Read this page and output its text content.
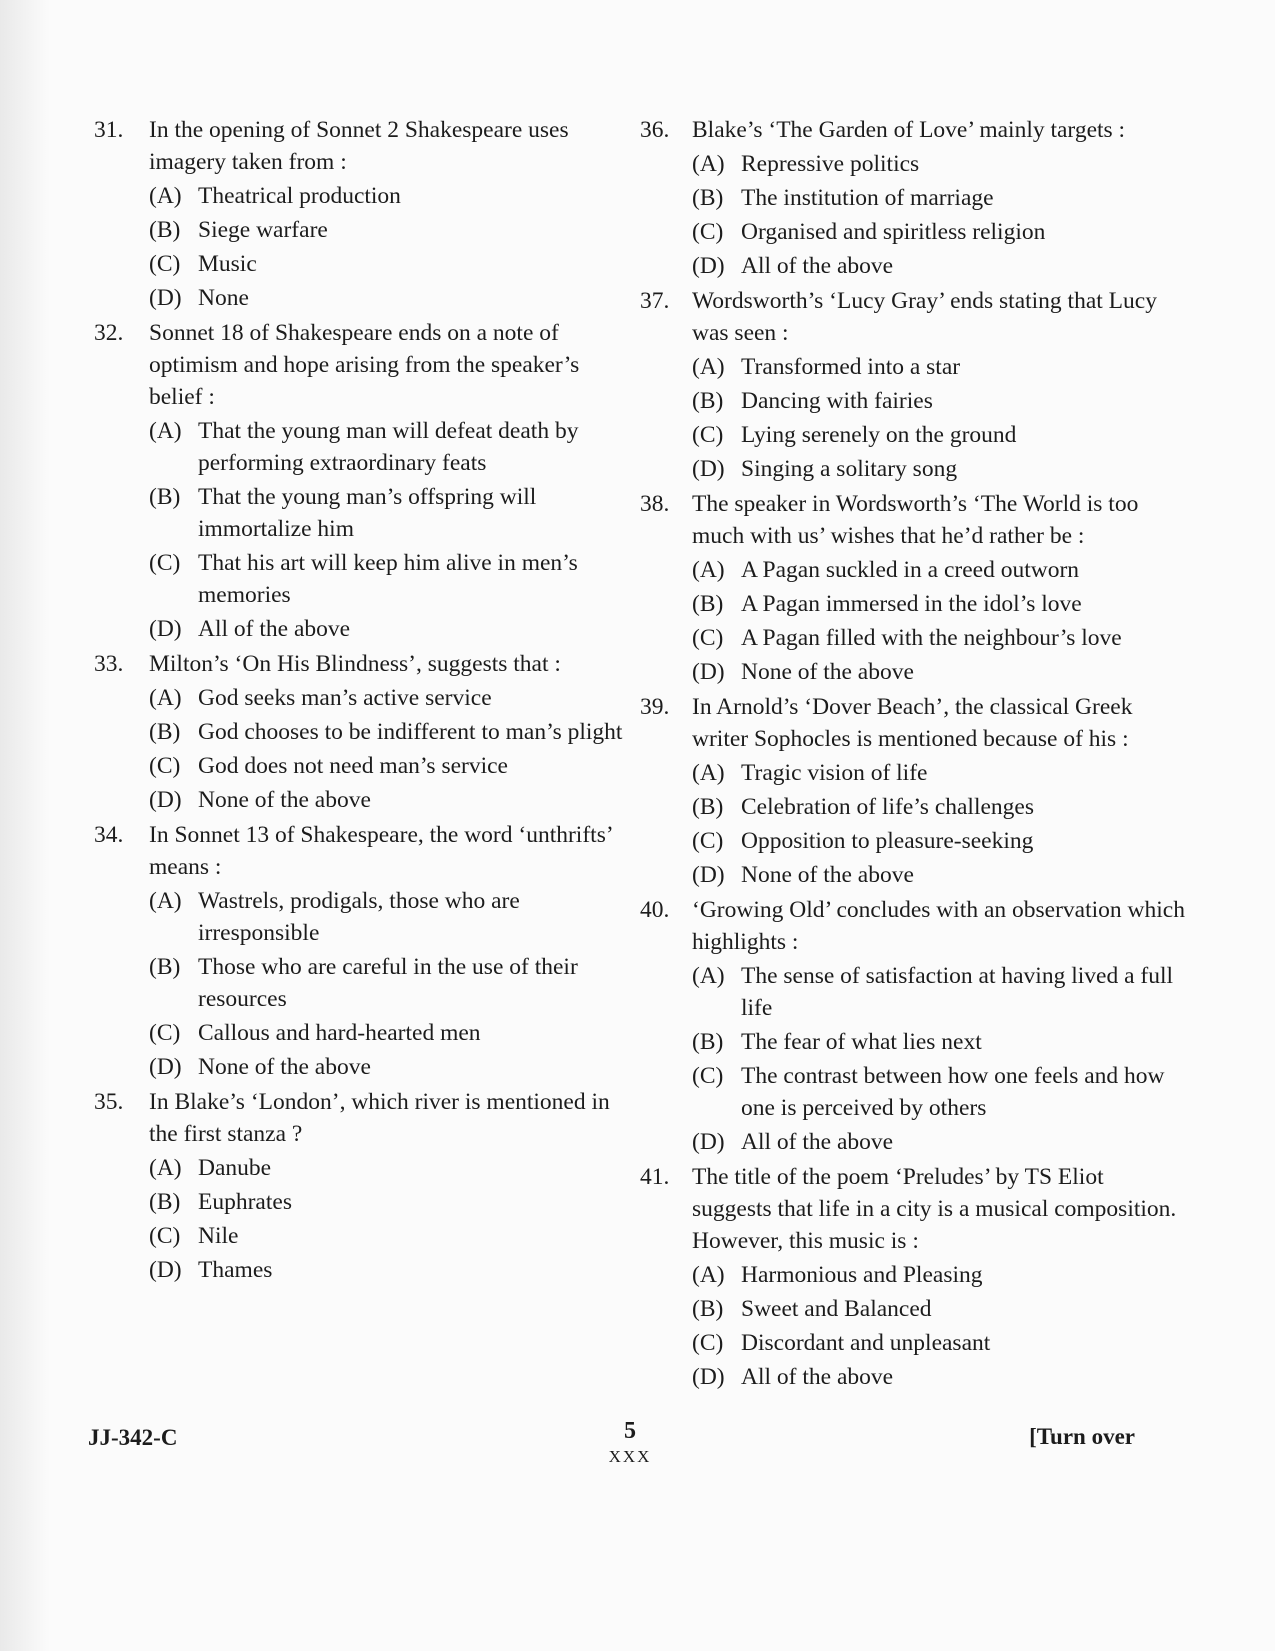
31. In the opening of Sonnet 2 Shakespeare uses imagery taken from :
(A) Theatrical production
(B) Siege warfare
(C) Music
(D) None
32. Sonnet 18 of Shakespeare ends on a note of optimism and hope arising from the speaker’s belief :
(A) That the young man will defeat death by performing extraordinary feats
(B) That the young man’s offspring will immortalize him
(C) That his art will keep him alive in men’s memories
(D) All of the above
33. Milton’s ‘On His Blindness’, suggests that :
(A) God seeks man’s active service
(B) God chooses to be indifferent to man’s plight
(C) God does not need man’s service
(D) None of the above
34. In Sonnet 13 of Shakespeare, the word ‘unthrifts’ means :
(A) Wastrels, prodigals, those who are irresponsible
(B) Those who are careful in the use of their resources
(C) Callous and hard-hearted men
(D) None of the above
35. In Blake’s ‘London’, which river is mentioned in the first stanza ?
(A) Danube
(B) Euphrates
(C) Nile
(D) Thames
36. Blake’s ‘The Garden of Love’ mainly targets :
(A) Repressive politics
(B) The institution of marriage
(C) Organised and spiritless religion
(D) All of the above
37. Wordsworth’s ‘Lucy Gray’ ends stating that Lucy was seen :
(A) Transformed into a star
(B) Dancing with fairies
(C) Lying serenely on the ground
(D) Singing a solitary song
38. The speaker in Wordsworth’s ‘The World is too much with us’ wishes that he’d rather be :
(A) A Pagan suckled in a creed outworn
(B) A Pagan immersed in the idol’s love
(C) A Pagan filled with the neighbour’s love
(D) None of the above
39. In Arnold’s ‘Dover Beach’, the classical Greek writer Sophocles is mentioned because of his :
(A) Tragic vision of life
(B) Celebration of life’s challenges
(C) Opposition to pleasure-seeking
(D) None of the above
40. ‘Growing Old’ concludes with an observation which highlights :
(A) The sense of satisfaction at having lived a full life
(B) The fear of what lies next
(C) The contrast between how one feels and how one is perceived by others
(D) All of the above
41. The title of the poem ‘Preludes’ by TS Eliot suggests that life in a city is a musical composition. However, this music is :
(A) Harmonious and Pleasing
(B) Sweet and Balanced
(C) Discordant and unpleasant
(D) All of the above
JJ-342-C	5
XXX
[Turn over
